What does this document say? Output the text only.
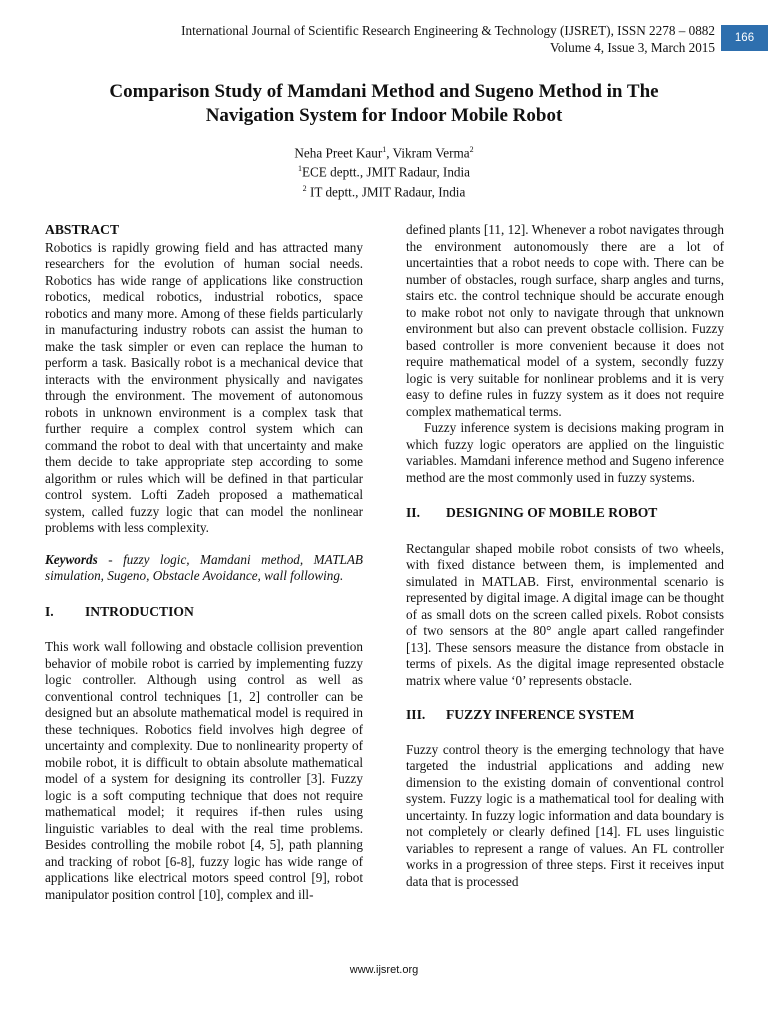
International Journal of Scientific Research Engineering & Technology (IJSRET), ISSN 2278 – 0882
Volume 4, Issue 3, March 2015
166
Comparison Study of Mamdani Method and Sugeno Method in The
Navigation System for Indoor Mobile Robot
Neha Preet Kaur$^1$, Vikram Verma$^2$
$^1$ECE deptt., JMIT Radaur, India
$^2$ IT deptt., JMIT Radaur, India
ABSTRACT

Robotics is rapidly growing field and has attracted many researchers for the evolution of human social needs. Robotics has wide range of applications like construction robotics, medical robotics, industrial robotics, space robotics and many more. Among of these fields particularly in manufacturing industry robots can assist the human to make the task simpler or even can replace the human to perform a task. Basically robot is a mechanical device that interacts with the environment physically and navigates through the environment. The movement of autonomous robots in unknown environment is a complex task that further require a complex control system which can command the robot to deal with that uncertainty and make them decide to take appropriate step according to some algorithm or rules which will be defined in that particular control system. Lofti Zadeh proposed a mathematical system, called fuzzy logic that can model the nonlinear problems with less complexity.

Keywords - fuzzy logic, Mamdani method, MATLAB simulation, Sugeno, Obstacle Avoidance, wall following.

I.	INTRODUCTION

This work wall following and obstacle collision prevention behavior of mobile robot is carried by implementing fuzzy logic controller. Although using control as well as conventional control techniques [1, 2] controller can be designed but an absolute mathematical model is required in these techniques. Robotics field involves high degree of uncertainty and complexity. Due to nonlinearity property of mobile robot, it is difficult to obtain absolute mathematical model of a system for designing its controller [3]. Fuzzy logic is a soft computing technique that does not require mathematical model; it requires if-then rules using linguistic variables to deal with the real time problems. Besides controlling the mobile robot [4, 5], path planning and tracking of robot [6-8], fuzzy logic has wide range of applications like electrical motors speed control [9], robot manipulator position control [10], complex and ill-

defined plants [11, 12]. Whenever a robot navigates through the environment autonomously there are a lot of uncertainties that a robot needs to cope with. There can be number of obstacles, rough surface, sharp angles and turns, stairs etc. the control technique should be accurate enough to make robot not only to navigate through that unknown environment but also can prevent obstacle collision. Fuzzy based controller is more convenient because it does not require mathematical model of a system, secondly fuzzy logic is very suitable for nonlinear problems and it is very easy to define rules in fuzzy system as it does not require complex mathematical terms.

Fuzzy inference system is decisions making program in which fuzzy logic operators are applied on the linguistic variables. Mamdani inference method and Sugeno inference method are the most commonly used in fuzzy systems.

II.	DESIGNING OF MOBILE ROBOT

Rectangular shaped mobile robot consists of two wheels, with fixed distance between them, is implemented and simulated in MATLAB. First, environmental scenario is represented by digital image. A digital image can be thought of as small dots on the screen called pixels. Robot consists of two sensors at the 80° angle apart called rangefinder [13]. These sensors measure the distance from obstacle in terms of pixels. As the digital image represented obstacle matrix where value ‘0’ represents obstacle.

III.	FUZZY INFERENCE SYSTEM

Fuzzy control theory is the emerging technology that have targeted the industrial applications and adding new dimension to the existing domain of conventional control system. Fuzzy logic is a mathematical tool for dealing with uncertainty. In fuzzy logic information and data boundary is not completely or clearly defined [14]. FL uses linguistic variables to represent a range of values. An FL controller works in a progression of three steps. First it receives input data that is processed

www.ijsret.org
